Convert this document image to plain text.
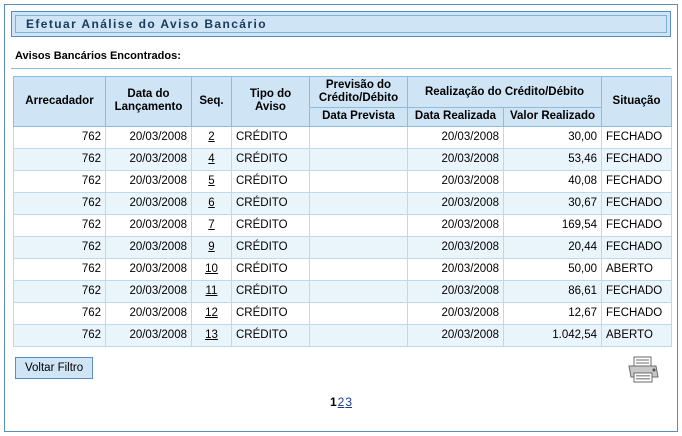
Efetuar Análise do Aviso Bancário
Avisos Bancários Encontrados:
Arrecadador	Data do Lançamento	Seq.	Tipo do Aviso	Previsão do Crédito/Débito	Realização do Crédito/Débito		Situação
				Data Prevista	Data Realizada	Valor Realizado	
762	20/03/2008	2	CRÉDITO		20/03/2008	30,00	FECHADO
762	20/03/2008	4	CRÉDITO		20/03/2008	53,46	FECHADO
762	20/03/2008	5	CRÉDITO		20/03/2008	40,08	FECHADO
762	20/03/2008	6	CRÉDITO		20/03/2008	30,67	FECHADO
762	20/03/2008	7	CRÉDITO		20/03/2008	169,54	FECHADO
762	20/03/2008	9	CRÉDITO		20/03/2008	20,44	FECHADO
762	20/03/2008	10	CRÉDITO		20/03/2008	50,00	ABERTO
762	20/03/2008	11	CRÉDITO		20/03/2008	86,61	FECHADO
762	20/03/2008	12	CRÉDITO		20/03/2008	12,67	FECHADO
762	20/03/2008	13	CRÉDITO		20/03/2008	1.042,54	ABERTO
Voltar Filtro
123
